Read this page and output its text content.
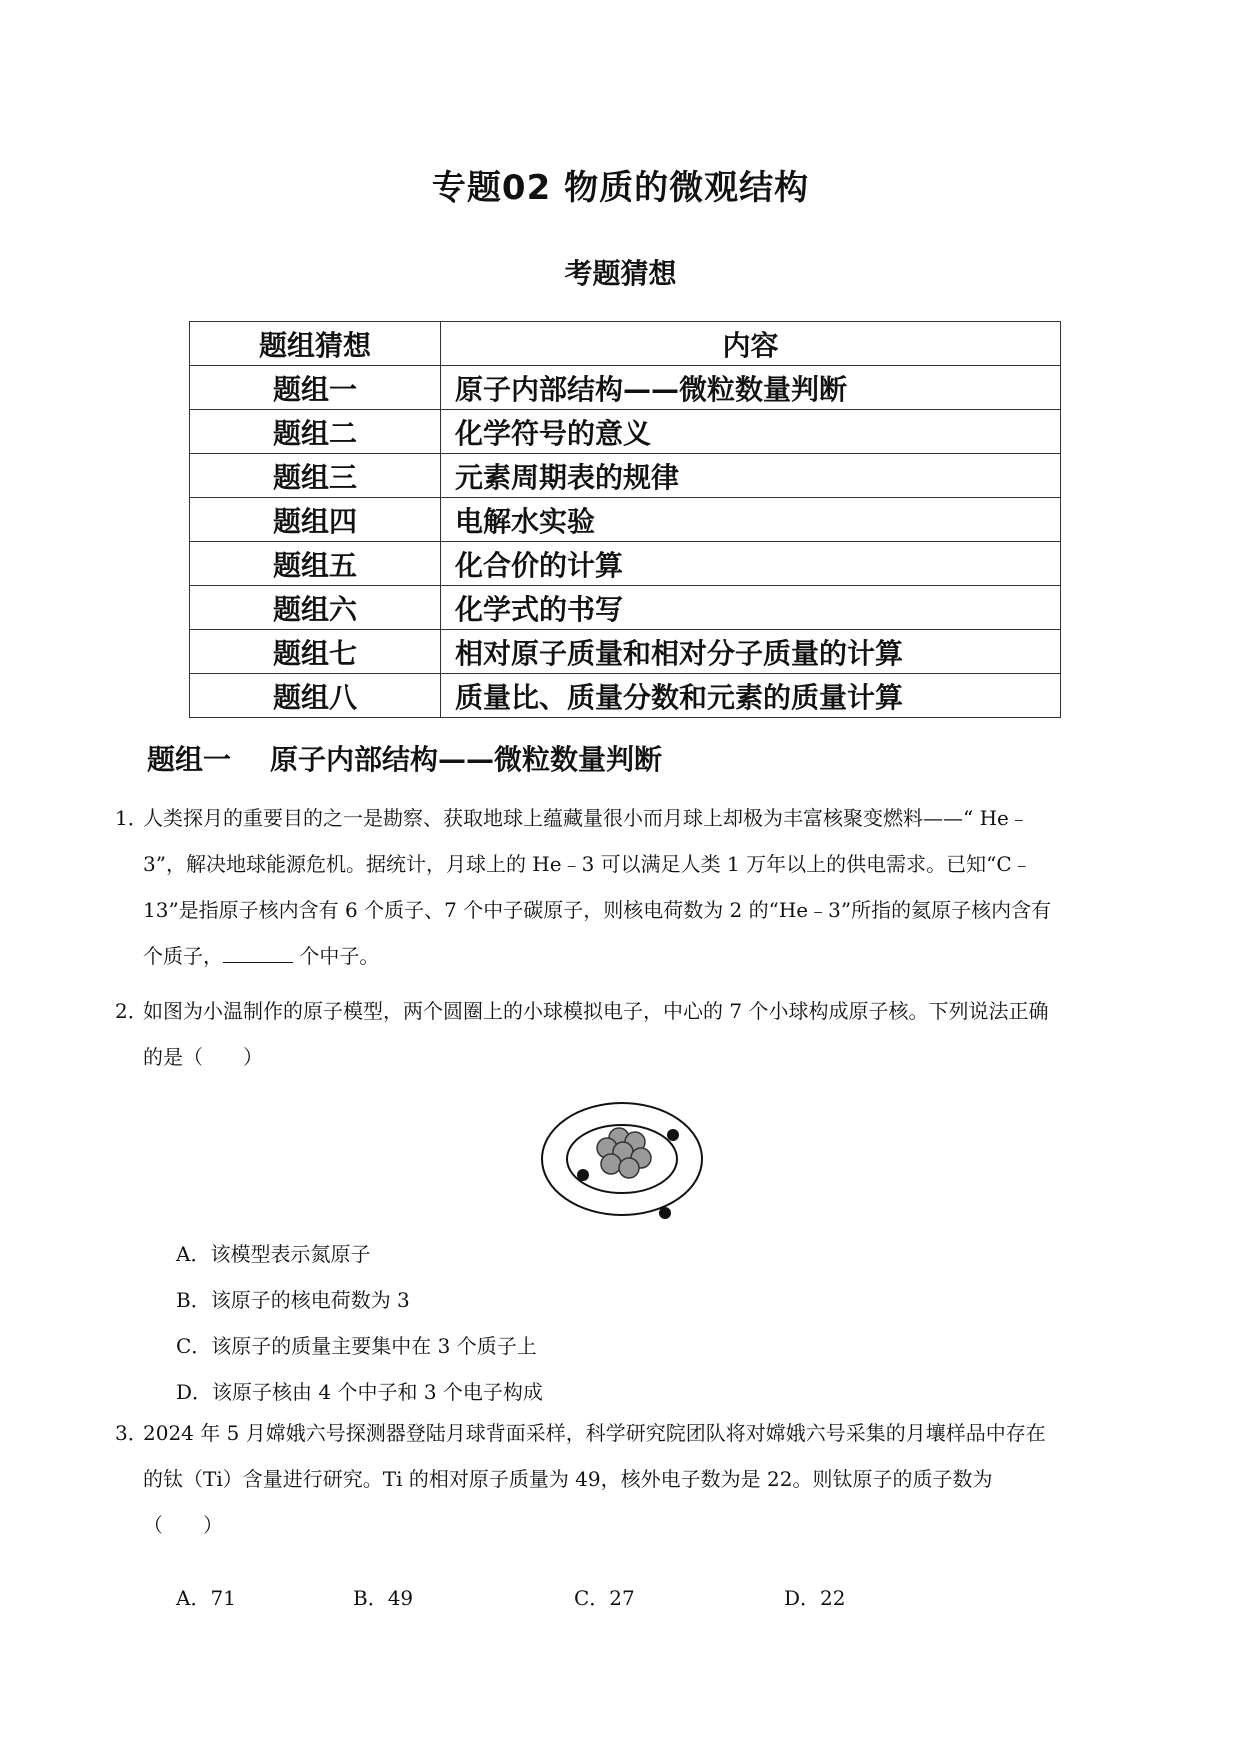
专题02 物质的微观结构
考题猜想
题组猜想	内容
题组一	原子内部结构——微粒数量判断
题组二	化学符号的意义
题组三	元素周期表的规律
题组四	电解水实验
题组五	化合价的计算
题组六	化学式的书写
题组七	相对原子质量和相对分子质量的计算
题组八	质量比、质量分数和元素的质量计算
题组一    原子内部结构——微粒数量判断
1．人类探月的重要目的之一是勘察、获取地球上蕴藏量很小而月球上却极为丰富核聚变燃料——“ He﹣
3”，解决地球能源危机。据统计，月球上的 He﹣3 可以满足人类 1 万年以上的供电需求。已知“C﹣
13”是指原子核内含有 6 个质子、7 个中子碳原子，则核电荷数为 2 的“He﹣3”所指的氦原子核内含有
个质子，	个中子。
2．如图为小温制作的原子模型，两个圆圈上的小球模拟电子，中心的 7 个小球构成原子核。下列说法正确
的是（　　）
A．该模型表示氮原子
B．该原子的核电荷数为 3
C．该原子的质量主要集中在 3 个质子上
D．该原子核由 4 个中子和 3 个电子构成
3．2024 年 5 月嫦娥六号探测器登陆月球背面采样，科学研究院团队将对嫦娥六号采集的月壤样品中存在
的钛（Ti）含量进行研究。Ti 的相对原子质量为 49，核外电子数为是 22。则钛原子的质子数为
（　　）
A．71	B．49	C．27	D．22
